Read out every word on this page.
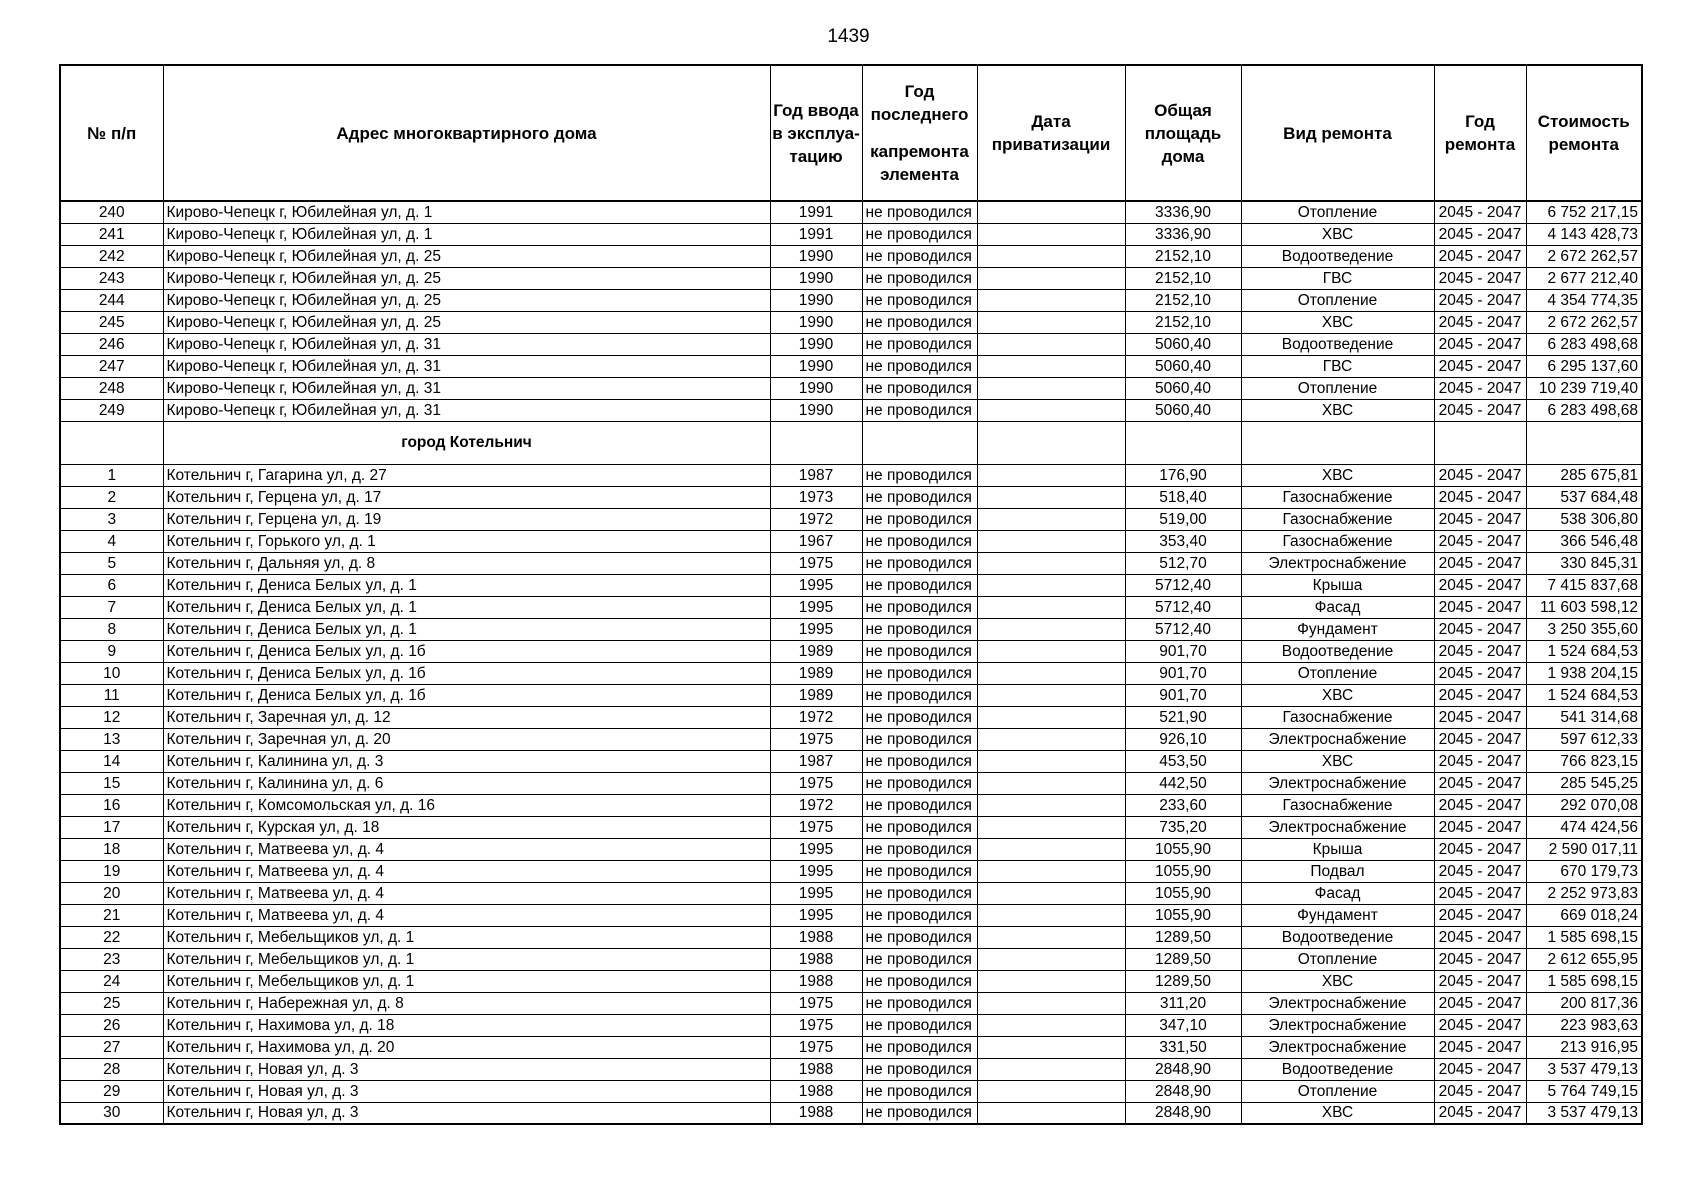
1439
№ п/п	Адрес многоквартирного дома	Год ввода в эксплуа-тацию	Год последнего
капремонта элемента	Дата приватизации	Общая площадь дома	Вид ремонта	Год ремонта	Стоимость ремонта
240	Кирово-Чепецк г, Юбилейная ул, д. 1	1991	не проводился		3336,90	Отопление	2045 - 2047	6 752 217,15
241	Кирово-Чепецк г, Юбилейная ул, д. 1	1991	не проводился		3336,90	ХВС	2045 - 2047	4 143 428,73
242	Кирово-Чепецк г, Юбилейная ул, д. 25	1990	не проводился		2152,10	Водоотведение	2045 - 2047	2 672 262,57
243	Кирово-Чепецк г, Юбилейная ул, д. 25	1990	не проводился		2152,10	ГВС	2045 - 2047	2 677 212,40
244	Кирово-Чепецк г, Юбилейная ул, д. 25	1990	не проводился		2152,10	Отопление	2045 - 2047	4 354 774,35
245	Кирово-Чепецк г, Юбилейная ул, д. 25	1990	не проводился		2152,10	ХВС	2045 - 2047	2 672 262,57
246	Кирово-Чепецк г, Юбилейная ул, д. 31	1990	не проводился		5060,40	Водоотведение	2045 - 2047	6 283 498,68
247	Кирово-Чепецк г, Юбилейная ул, д. 31	1990	не проводился		5060,40	ГВС	2045 - 2047	6 295 137,60
248	Кирово-Чепецк г, Юбилейная ул, д. 31	1990	не проводился		5060,40	Отопление	2045 - 2047	10 239 719,40
249	Кирово-Чепецк г, Юбилейная ул, д. 31	1990	не проводился		5060,40	ХВС	2045 - 2047	6 283 498,68
	город Котельнич							
1	Котельнич г, Гагарина ул, д. 27	1987	не проводился		176,90	ХВС	2045 - 2047	285 675,81
2	Котельнич г, Герцена ул, д. 17	1973	не проводился		518,40	Газоснабжение	2045 - 2047	537 684,48
3	Котельнич г, Герцена ул, д. 19	1972	не проводился		519,00	Газоснабжение	2045 - 2047	538 306,80
4	Котельнич г, Горького ул, д. 1	1967	не проводился		353,40	Газоснабжение	2045 - 2047	366 546,48
5	Котельнич г, Дальняя ул, д. 8	1975	не проводился		512,70	Электроснабжение	2045 - 2047	330 845,31
6	Котельнич г, Дениса Белых ул, д. 1	1995	не проводился		5712,40	Крыша	2045 - 2047	7 415 837,68
7	Котельнич г, Дениса Белых ул, д. 1	1995	не проводился		5712,40	Фасад	2045 - 2047	11 603 598,12
8	Котельнич г, Дениса Белых ул, д. 1	1995	не проводился		5712,40	Фундамент	2045 - 2047	3 250 355,60
9	Котельнич г, Дениса Белых ул, д. 1б	1989	не проводился		901,70	Водоотведение	2045 - 2047	1 524 684,53
10	Котельнич г, Дениса Белых ул, д. 1б	1989	не проводился		901,70	Отопление	2045 - 2047	1 938 204,15
11	Котельнич г, Дениса Белых ул, д. 1б	1989	не проводился		901,70	ХВС	2045 - 2047	1 524 684,53
12	Котельнич г, Заречная ул, д. 12	1972	не проводился		521,90	Газоснабжение	2045 - 2047	541 314,68
13	Котельнич г, Заречная ул, д. 20	1975	не проводился		926,10	Электроснабжение	2045 - 2047	597 612,33
14	Котельнич г, Калинина ул, д. 3	1987	не проводился		453,50	ХВС	2045 - 2047	766 823,15
15	Котельнич г, Калинина ул, д. 6	1975	не проводился		442,50	Электроснабжение	2045 - 2047	285 545,25
16	Котельнич г, Комсомольская ул, д. 16	1972	не проводился		233,60	Газоснабжение	2045 - 2047	292 070,08
17	Котельнич г, Курская ул, д. 18	1975	не проводился		735,20	Электроснабжение	2045 - 2047	474 424,56
18	Котельнич г, Матвеева ул, д. 4	1995	не проводился		1055,90	Крыша	2045 - 2047	2 590 017,11
19	Котельнич г, Матвеева ул, д. 4	1995	не проводился		1055,90	Подвал	2045 - 2047	670 179,73
20	Котельнич г, Матвеева ул, д. 4	1995	не проводился		1055,90	Фасад	2045 - 2047	2 252 973,83
21	Котельнич г, Матвеева ул, д. 4	1995	не проводился		1055,90	Фундамент	2045 - 2047	669 018,24
22	Котельнич г, Мебельщиков ул, д. 1	1988	не проводился		1289,50	Водоотведение	2045 - 2047	1 585 698,15
23	Котельнич г, Мебельщиков ул, д. 1	1988	не проводился		1289,50	Отопление	2045 - 2047	2 612 655,95
24	Котельнич г, Мебельщиков ул, д. 1	1988	не проводился		1289,50	ХВС	2045 - 2047	1 585 698,15
25	Котельнич г, Набережная ул, д. 8	1975	не проводился		311,20	Электроснабжение	2045 - 2047	200 817,36
26	Котельнич г, Нахимова ул, д. 18	1975	не проводился		347,10	Электроснабжение	2045 - 2047	223 983,63
27	Котельнич г, Нахимова ул, д. 20	1975	не проводился		331,50	Электроснабжение	2045 - 2047	213 916,95
28	Котельнич г, Новая ул, д. 3	1988	не проводился		2848,90	Водоотведение	2045 - 2047	3 537 479,13
29	Котельнич г, Новая ул, д. 3	1988	не проводился		2848,90	Отопление	2045 - 2047	5 764 749,15
30	Котельнич г, Новая ул, д. 3	1988	не проводился		2848,90	ХВС	2045 - 2047	3 537 479,13
